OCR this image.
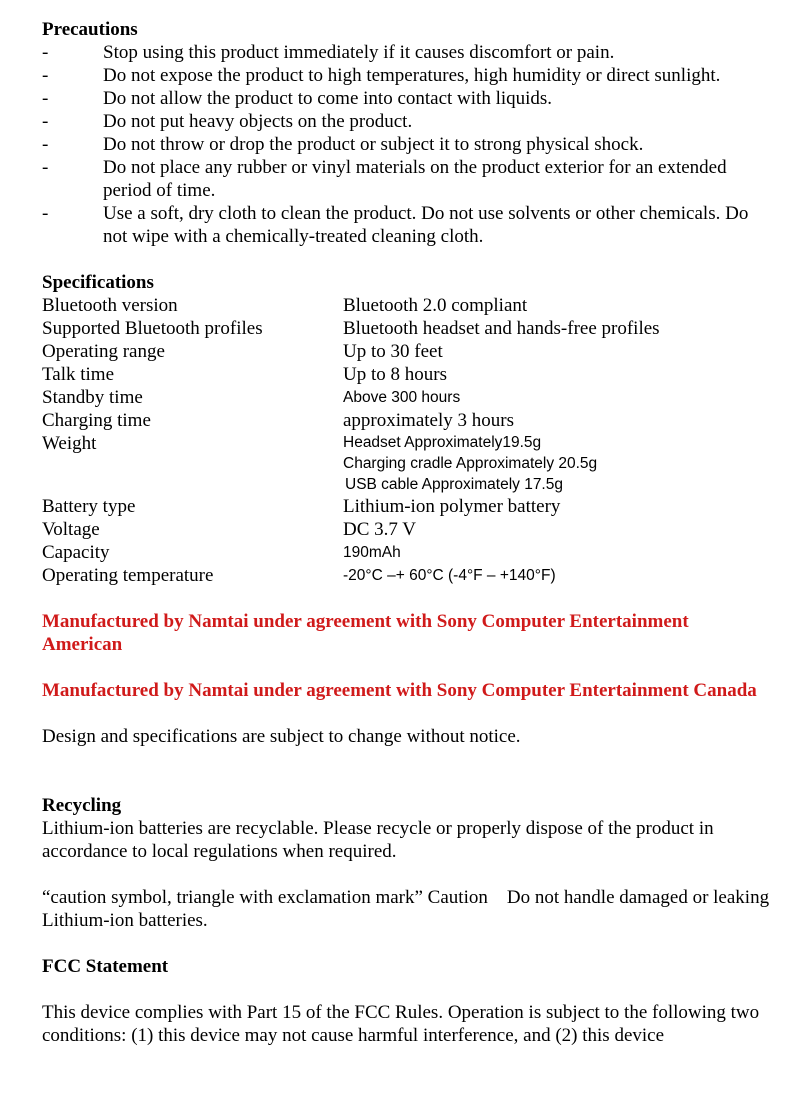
Precautions

-	Stop using this product immediately if it causes discomfort or pain.
-	Do not expose the product to high temperatures, high humidity or direct sunlight.
-	Do not allow the product to come into contact with liquids.
-	Do not put heavy objects on the product.
-	Do not throw or drop the product or subject it to strong physical shock.
-	Do not place any rubber or vinyl materials on the product exterior for an extended period of time.
-	Use a soft, dry cloth to clean the product. Do not use solvents or other chemicals. Do not wipe with a chemically-treated cleaning cloth.

Specifications

Bluetooth version	Bluetooth 2.0 compliant
Supported Bluetooth profiles	Bluetooth headset and hands-free profiles
Operating range	Up to 30 feet
Talk time	Up to 8 hours
Standby time	Above 300 hours
Charging time	approximately 3 hours
Weight	Headset Approximately19.5g
Charging cradle Approximately 20.5g
USB cable Approximately 17.5g

Battery type	Lithium-ion polymer battery
Voltage	DC 3.7 V
Capacity	190mAh
Operating temperature	-20°C –+ 60°C (-4°F – +140°F)

Manufactured by Namtai under agreement with Sony Computer Entertainment American

Manufactured by Namtai under agreement with Sony Computer Entertainment Canada

Design and specifications are subject to change without notice.

Recycling

Lithium-ion batteries are recyclable. Please recycle or properly dispose of the product in accordance to local regulations when required.

“caution symbol, triangle with exclamation mark” Caution    Do not handle damaged or leaking Lithium-ion batteries.

FCC Statement

This device complies with Part 15 of the FCC Rules. Operation is subject to the following two conditions: (1) this device may not cause harmful interference, and (2) this device
